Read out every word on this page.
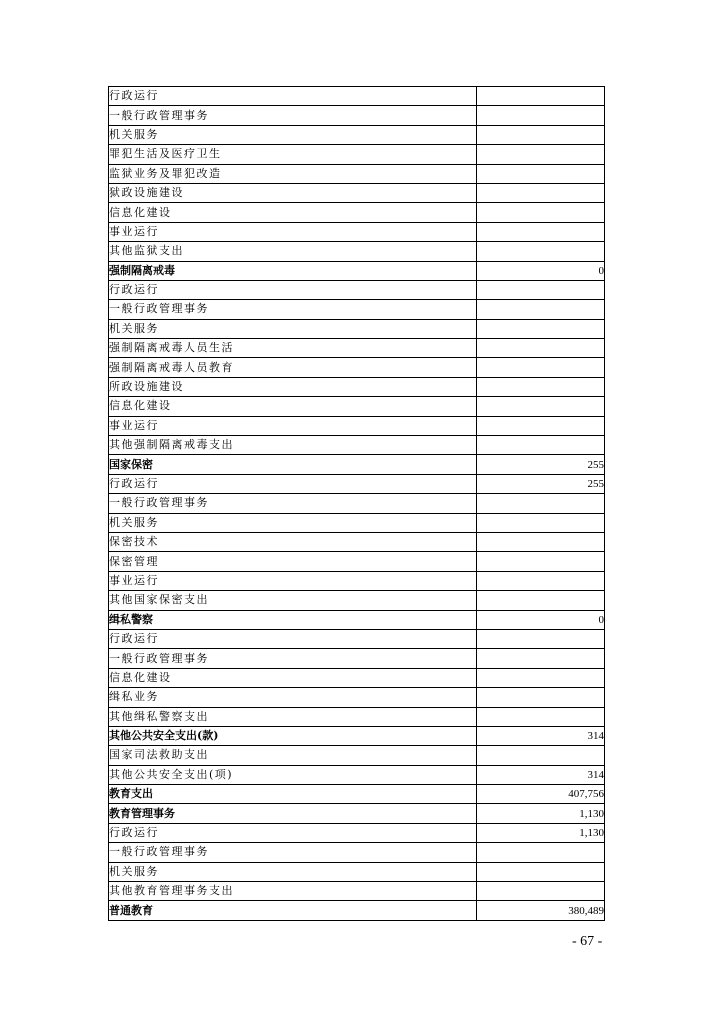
行政运行	
一般行政管理事务	
机关服务	
罪犯生活及医疗卫生	
监狱业务及罪犯改造	
狱政设施建设	
信息化建设	
事业运行	
其他监狱支出	
强制隔离戒毒	0
行政运行	
一般行政管理事务	
机关服务	
强制隔离戒毒人员生活	
强制隔离戒毒人员教育	
所政设施建设	
信息化建设	
事业运行	
其他强制隔离戒毒支出	
国家保密	255
行政运行	255
一般行政管理事务	
机关服务	
保密技术	
保密管理	
事业运行	
其他国家保密支出	
缉私警察	0
行政运行	
一般行政管理事务	
信息化建设	
缉私业务	
其他缉私警察支出	
其他公共安全支出(款)	314
国家司法救助支出	
其他公共安全支出(项)	314
教育支出	407,756
教育管理事务	1,130
行政运行	1,130
一般行政管理事务	
机关服务	
其他教育管理事务支出	
普通教育	380,489
- 67 -
